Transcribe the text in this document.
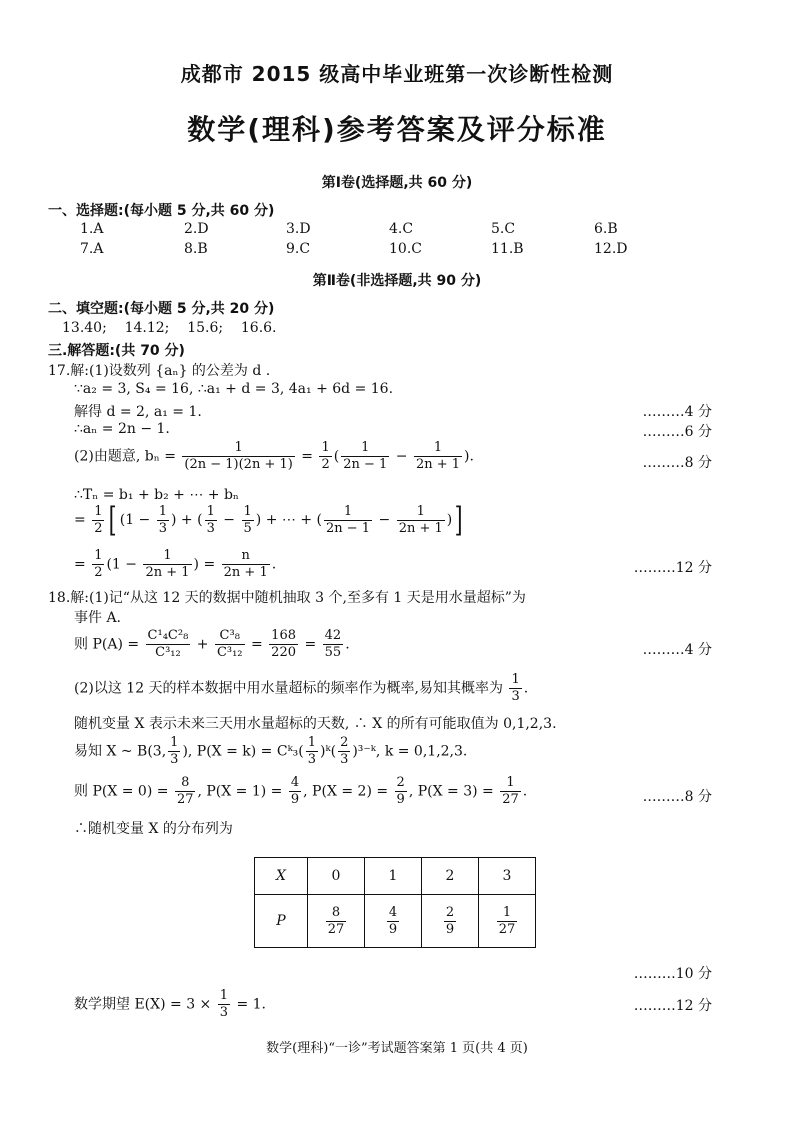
成都市 2015 级高中毕业班第一次诊断性检测
数学(理科)参考答案及评分标准
第Ⅰ卷(选择题,共 60 分)
一、选择题:(每小题 5 分,共 60 分)
1.A	2.D	3.D	4.C	5.C	6.B
7.A	8.B	9.C	10.C	11.B	12.D
第Ⅱ卷(非选择题,共 90 分)
二、填空题:(每小题 5 分,共 20 分)
13.40;    14.12;    15.6;    16.6.
三.解答题:(共 70 分)
17.解:(1)设数列 {aₙ} 的公差为 d .
∵a₂ = 3, S₄ = 16, ∴a₁ + d = 3, 4a₁ + 6d = 16.
解得 d = 2, a₁ = 1.	………4 分
∴aₙ = 2n − 1.	………6 分
(2)由题意, $b_n = \frac{1}{(2n - 1)(2n + 1)} = \frac{1}{2}$ ( $\frac{1}{2n - 1} - \frac{1}{2n + 1}$ ).	………8 分
∴Tₙ = b₁ + b₂ + ⋯ + bₙ
= $\frac{1}{2}$ [ ($1 - \frac{1}{3}$ ) + ( $\frac{1}{3} - \frac{1}{5}$ ) + ⋯ + ( $\frac{1}{2n - 1} - \frac{1}{2n + 1}$ )]
= $\frac{1}{2} (1 - \frac{1}{2n + 1}$ ) = $\frac{n}{2n + 1}$ .	………12 分
18.解:(1)记“从这 12 天的数据中随机抽取 3 个,至多有 1 天是用水量超标”为
事件 A.
则 $P(A) = \frac{\text{C¹₄C²₈}}{\text{C³₁₂}} + \frac{\text{C³₈}}{\text{C³₁₂}} = \frac{168}{220} = \frac{42}{55}$ .	………4 分
(2)以这 12 天的样本数据中用水量超标的频率作为概率,易知其概率为 $\frac{1}{3}$ .
随机变量 X 表示未来三天用水量超标的天数, ∴ X 的所有可能取值为 0,1,2,3.
易知 X ~ B(3, $\frac{1}{3}$ ), P(X = k) = Cᵏ₃( $\frac{1}{3}$ )ᵏ( $\frac{2}{3}$ )³⁻ᵏ, k = 0,1,2,3.
则 $P(X = 0) = \frac{8}{27}$ , $P(X = 1) = \frac{4}{9}$ , $P(X = 2) = \frac{2}{9}$ , $P(X = 3) = \frac{1}{27}$ .	………8 分
∴随机变量 X 的分布列为
X	0	1	2	3
P	$\frac{8}{27}$	$\frac{4}{9}$	$\frac{2}{9}$	$\frac{1}{27}$
………10 分
数学期望 $E(X) = 3 \times \frac{1}{3} = 1$.	………12 分
数学(理科)“一诊”考试题答案第 1 页(共 4 页)
